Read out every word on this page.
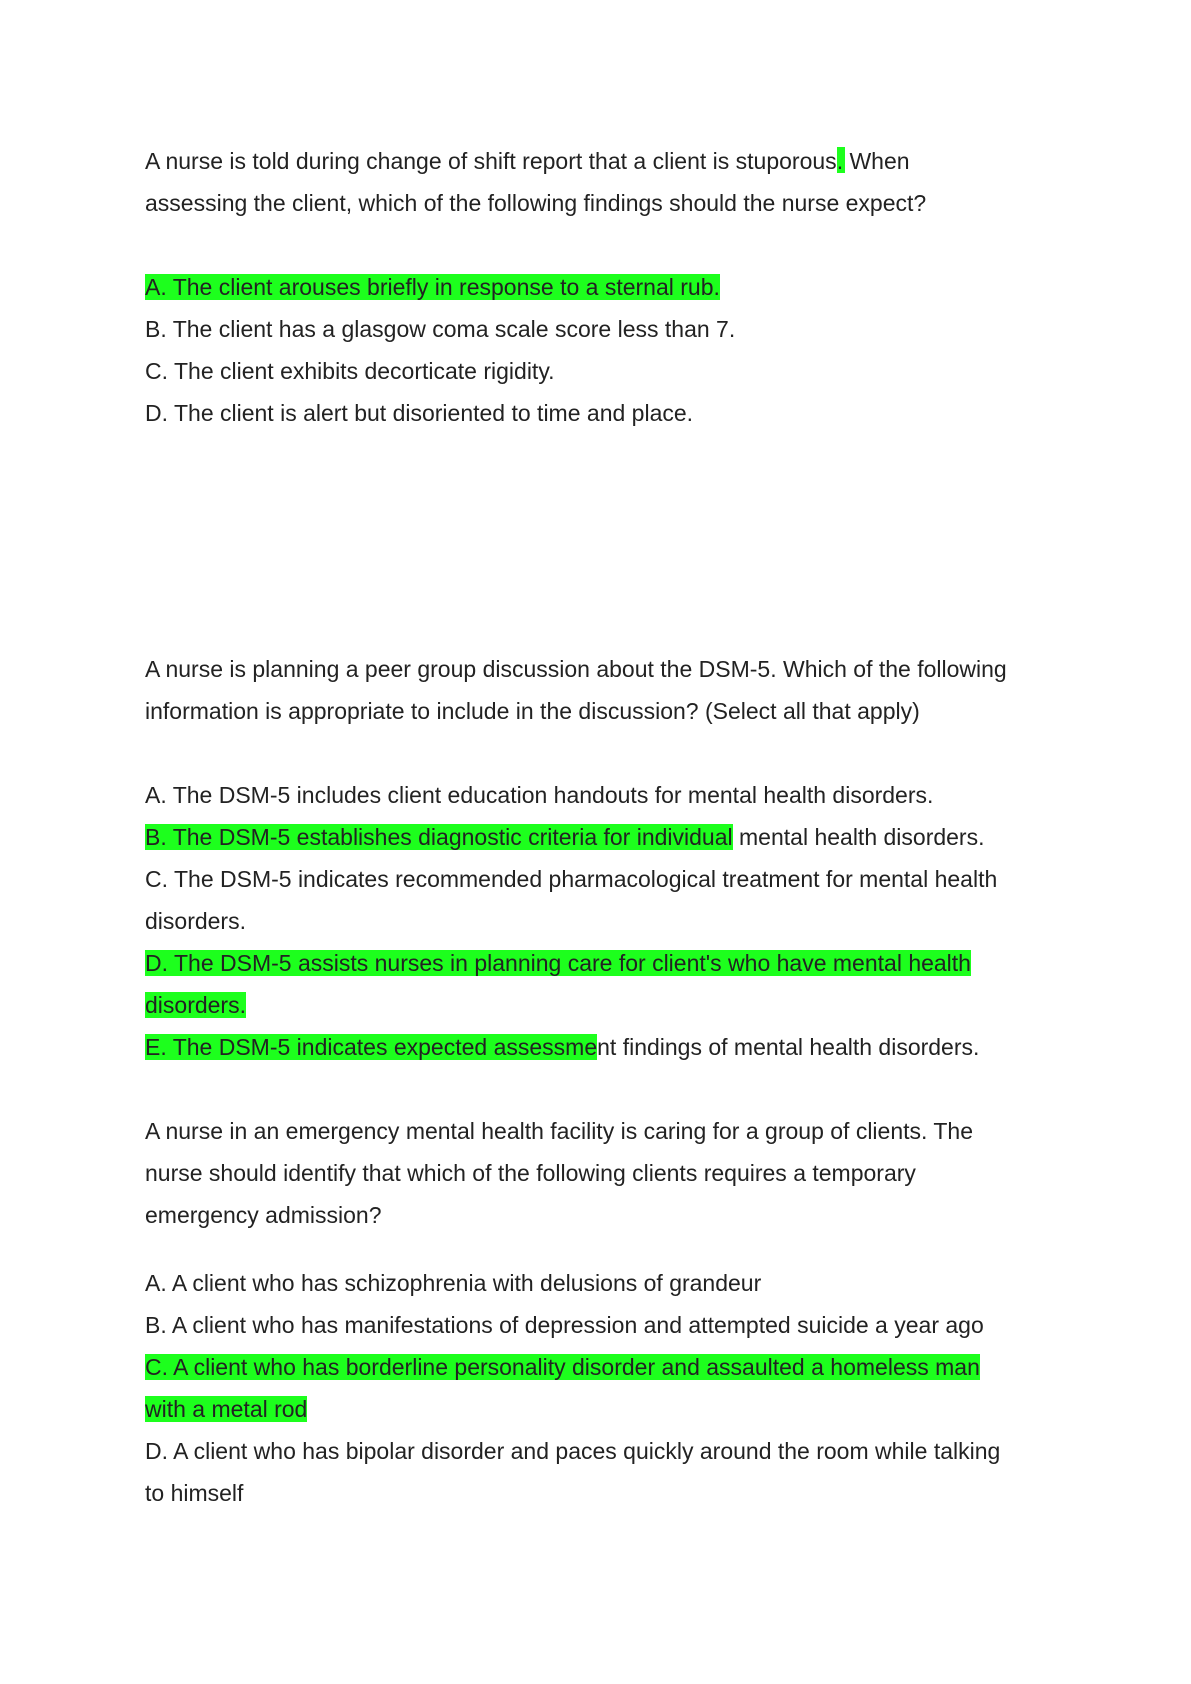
A nurse is told during change of shift report that a client is stuporous. When
assessing the client, which of the following findings should the nurse expect?
A. The client arouses briefly in response to a sternal rub.
B. The client has a glasgow coma scale score less than 7.
C. The client exhibits decorticate rigidity.
D. The client is alert but disoriented to time and place.
A nurse is planning a peer group discussion about the DSM-5. Which of the following
information is appropriate to include in the discussion? (Select all that apply)
A. The DSM-5 includes client education handouts for mental health disorders.
B. The DSM-5 establishes diagnostic criteria for individual mental health disorders.
C. The DSM-5 indicates recommended pharmacological treatment for mental health
disorders.
D. The DSM-5 assists nurses in planning care for client's who have mental health
disorders.
E. The DSM-5 indicates expected assessment findings of mental health disorders.
A nurse in an emergency mental health facility is caring for a group of clients. The
nurse should identify that which of the following clients requires a temporary
emergency admission?
A. A client who has schizophrenia with delusions of grandeur
B. A client who has manifestations of depression and attempted suicide a year ago
C. A client who has borderline personality disorder and assaulted a homeless man
with a metal rod
D. A client who has bipolar disorder and paces quickly around the room while talking
to himself
